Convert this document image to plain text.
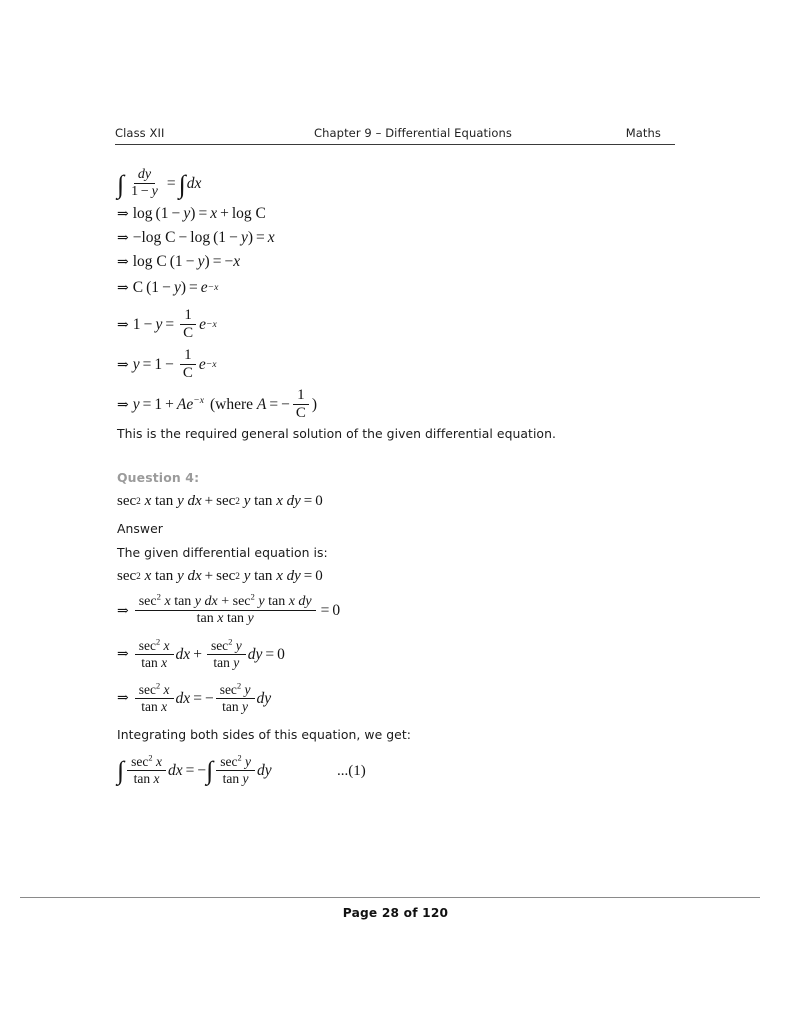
Class XII	Chapter 9 – Differential Equations	Maths
∫ $\frac{dy}{1 - y}$ = ∫ dx
⇒ log (1 − y) = x + log
C
⇒ − log
C − log (1 − y) = x
⇒ log
C (1 − y) = −x
⇒ C (1 − y) = e −x
⇒ $1 - y = \frac{1}{C}$ e −x
⇒ $y = 1 - \frac{1}{C}$ e −x
⇒ $y = 1 + Ae^{-x}$ (where
A = − $\frac{1}{C}$ )
This is the required general solution of the given differential equation.
Question 4:
sec 2
x
tan
y
dx + sec 2
y
tan
x
dy = 0
Answer
The given differential equation is:
sec 2
x
tan
y
dx + sec 2
y
tan
x
dy = 0
⇒ $\frac{\sec^2 x \tan y dx + \sec^2 y \tan x dy}{\text{tan x tan y}} = 0$
⇒ $\frac{\sec^2 x}{\text{tan x}}$ dx + $\frac{\sec^2 y}{\text{tan y}}$ dy = 0
⇒ $\frac{\sec^2 x}{\text{tan x}}$ dx = − $\frac{\sec^2 y}{\text{tan y}}$ dy
Integrating both sides of this equation, we get:
∫ $\frac{\sec^2 x}{\text{tan x}}$ dx = − ∫ $\frac{\sec^2 y}{\text{tan y}}$ dy	...(1)
Page 28 of 120
